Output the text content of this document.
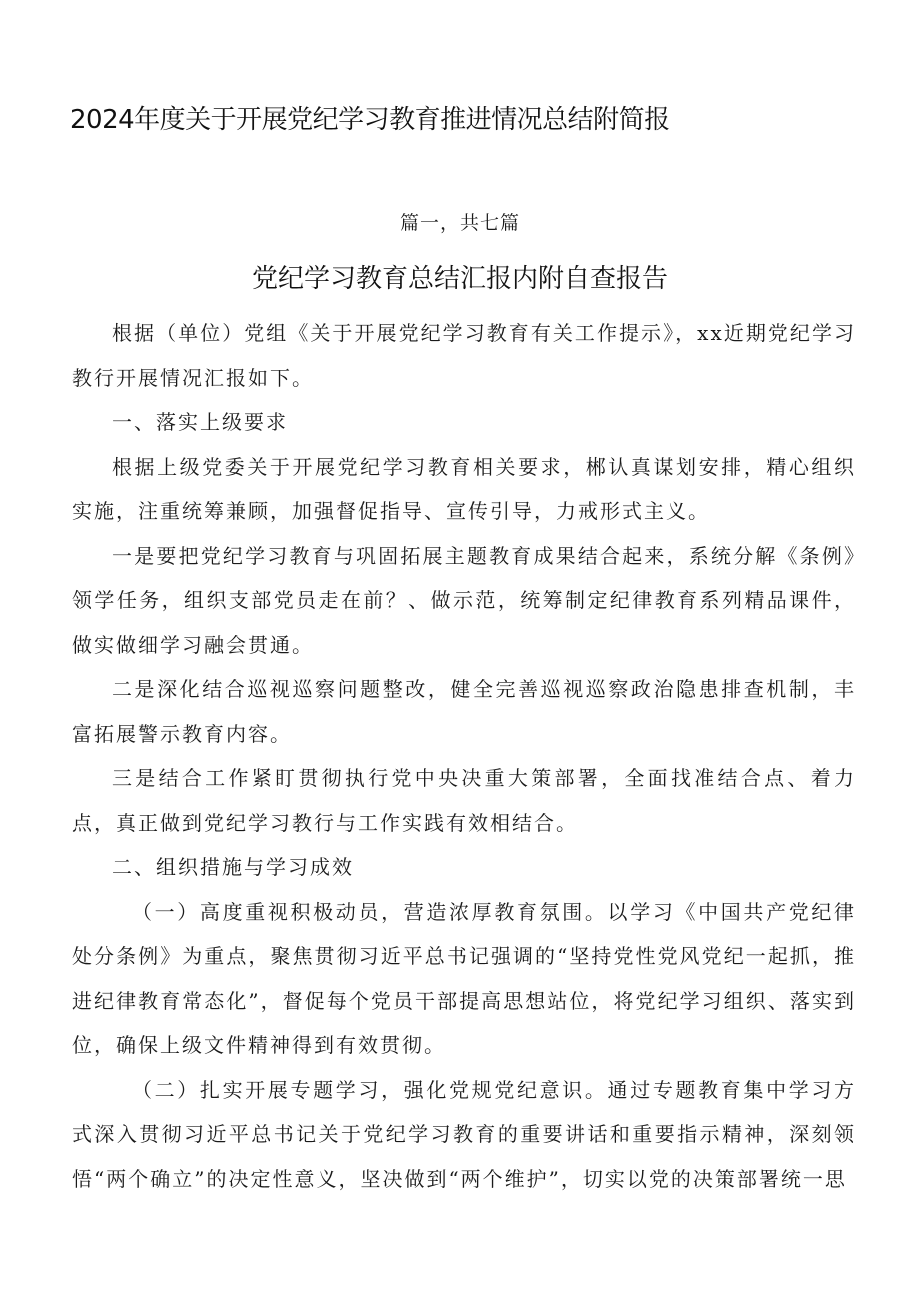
2024年度关于开展党纪学习教育推进情况总结附简报
篇一，共七篇
党纪学习教育总结汇报内附自查报告

根据（单位）党组《关于开展党纪学习教育有关工作提示》，xx近期党纪学习教行开展情况汇报如下。

一、落实上级要求

根据上级党委关于开展党纪学习教育相关要求，郴认真谋划安排，精心组织实施，注重统筹兼顾，加强督促指导、宣传引导，力戒形式主义。

一是要把党纪学习教育与巩固拓展主题教育成果结合起来，系统分解《条例》领学任务，组织支部党员走在前？、做示范，统筹制定纪律教育系列精品课件，做实做细学习融会贯通。

二是深化结合巡视巡察问题整改，健全完善巡视巡察政治隐患排查机制，丰富拓展警示教育内容。

三是结合工作紧盯贯彻执行党中央决重大策部署，全面找准结合点、着力点，真正做到党纪学习教行与工作实践有效相结合。

二、组织措施与学习成效

（一）高度重视积极动员，营造浓厚教育氛围。以学习《中国共产党纪律处分条例》为重点，聚焦贯彻习近平总书记强调的“坚持党性党风党纪一起抓，推进纪律教育常态化”，督促每个党员干部提高思想站位，将党纪学习组织、落实到位，确保上级文件精神得到有效贯彻。

（二）扎实开展专题学习，强化党规党纪意识。通过专题教育集中学习方式深入贯彻习近平总书记关于党纪学习教育的重要讲话和重要指示精神，深刻领悟“两个确立”的决定性意义，坚决做到“两个维护”，切实以党的决策部署统一思
